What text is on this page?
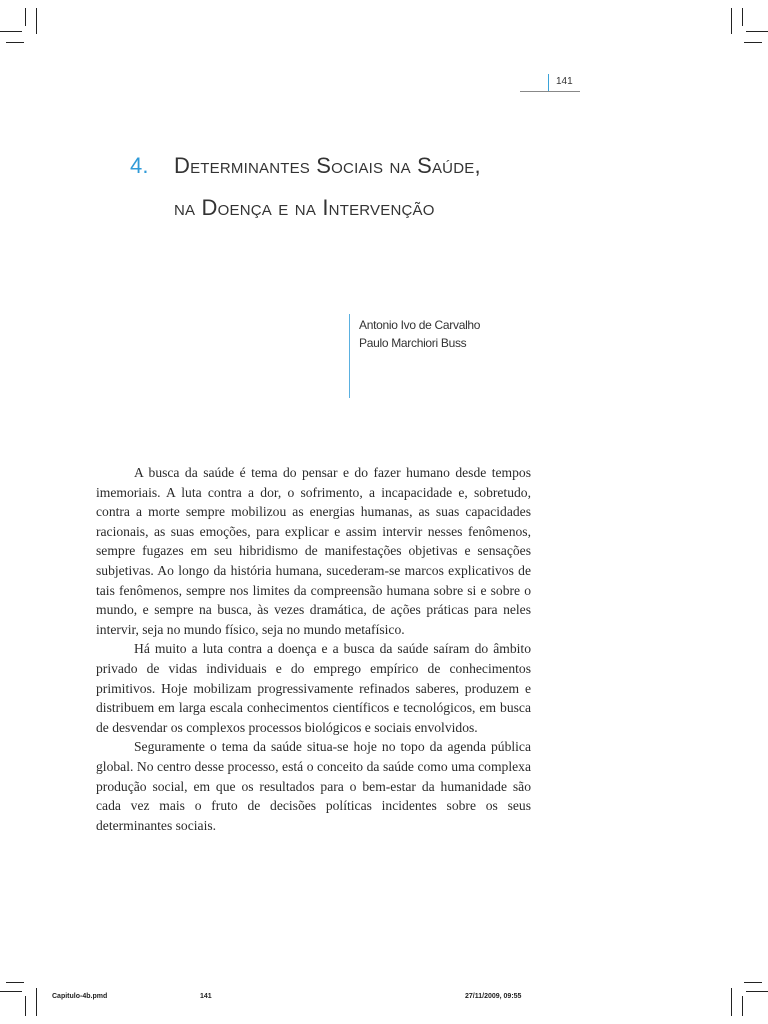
141
4. Determinantes Sociais na Saúde,
na Doença e na Intervenção
Antonio Ivo de Carvalho
Paulo Marchiori Buss

A busca da saúde é tema do pensar e do fazer humano desde tempos imemoriais. A luta contra a dor, o sofrimento, a incapacidade e, sobretudo, contra a morte sempre mobilizou as energias humanas, as suas capacidades racionais, as suas emoções, para explicar e assim intervir nesses fenômenos, sempre fugazes em seu hibridismo de manifestações objetivas e sensações subjetivas. Ao longo da história humana, sucederam-se marcos explicativos de tais fenômenos, sempre nos limites da compreensão humana sobre si e sobre o mundo, e sempre na busca, às vezes dramática, de ações práticas para neles intervir, seja no mundo físico, seja no mundo metafísico.

Há muito a luta contra a doença e a busca da saúde saíram do âmbito privado de vidas individuais e do emprego empírico de conhecimentos primitivos. Hoje mobilizam progressivamente refinados saberes, produzem e distribuem em larga escala conhecimentos científicos e tecnológicos, em busca de desvendar os complexos processos biológicos e sociais envolvidos.

Seguramente o tema da saúde situa-se hoje no topo da agenda pública global. No centro desse processo, está o conceito da saúde como uma complexa produção social, em que os resultados para o bem-estar da humanidade são cada vez mais o fruto de decisões políticas incidentes sobre os seus determinantes sociais.

Capitulo-4b.pmd	141	27/11/2009, 09:55
